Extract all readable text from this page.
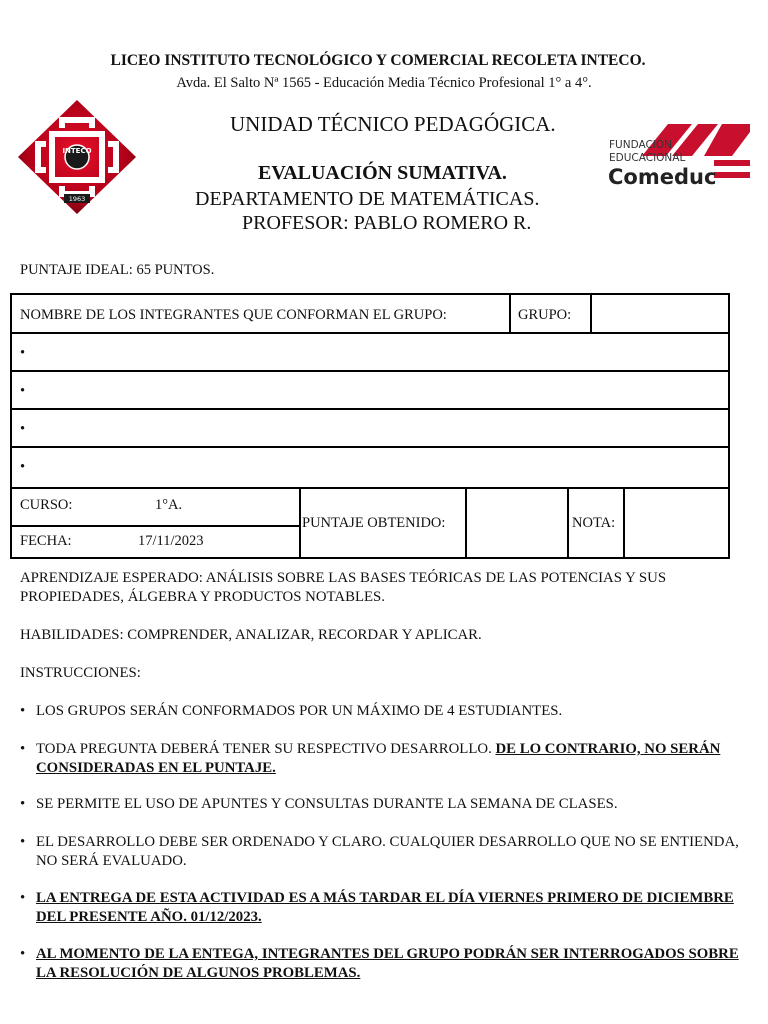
LICEO INSTITUTO TECNOLÓGICO Y COMERCIAL RECOLETA INTECO.
Avda. El Salto Nª 1565 - Educación Media Técnico Profesional 1° a 4°.
INTECO
1963
UNIDAD TÉCNICO PEDAGÓGICA.
EVALUACIÓN SUMATIVA.
DEPARTAMENTO DE MATEMÁTICAS.
PROFESOR: PABLO ROMERO R.
FUNDACIÓN
EDUCACIONAL
Comeduc
PUNTAJE IDEAL: 65 PUNTOS.
NOMBRE DE LOS INTEGRANTES QUE CONFORMAN EL GRUPO:	GRUPO:
•
•
•
•
CURSO:	1°A.
FECHA:	17/11/2023
PUNTAJE OBTENIDO:	NOTA:
APRENDIZAJE ESPERADO: ANÁLISIS SOBRE LAS BASES TEÓRICAS DE LAS POTENCIAS Y SUS PROPIEDADES, ÁLGEBRA Y PRODUCTOS NOTABLES.
HABILIDADES: COMPRENDER, ANALIZAR, RECORDAR Y APLICAR.
INSTRUCCIONES:
• LOS GRUPOS SERÁN CONFORMADOS POR UN MÁXIMO DE 4 ESTUDIANTES.
• TODA PREGUNTA DEBERÁ TENER SU RESPECTIVO DESARROLLO. DE LO CONTRARIO, NO SERÁN CONSIDERADAS EN EL PUNTAJE.
• SE PERMITE EL USO DE APUNTES Y CONSULTAS DURANTE LA SEMANA DE CLASES.
• EL DESARROLLO DEBE SER ORDENADO Y CLARO. CUALQUIER DESARROLLO QUE NO SE ENTIENDA, NO SERÁ EVALUADO.
• LA ENTREGA DE ESTA ACTIVIDAD ES A MÁS TARDAR EL DÍA VIERNES PRIMERO DE DICIEMBRE DEL PRESENTE AÑO. 01/12/2023.
• AL MOMENTO DE LA ENTEGA, INTEGRANTES DEL GRUPO PODRÁN SER INTERROGADOS SOBRE LA RESOLUCIÓN DE ALGUNOS PROBLEMAS.
